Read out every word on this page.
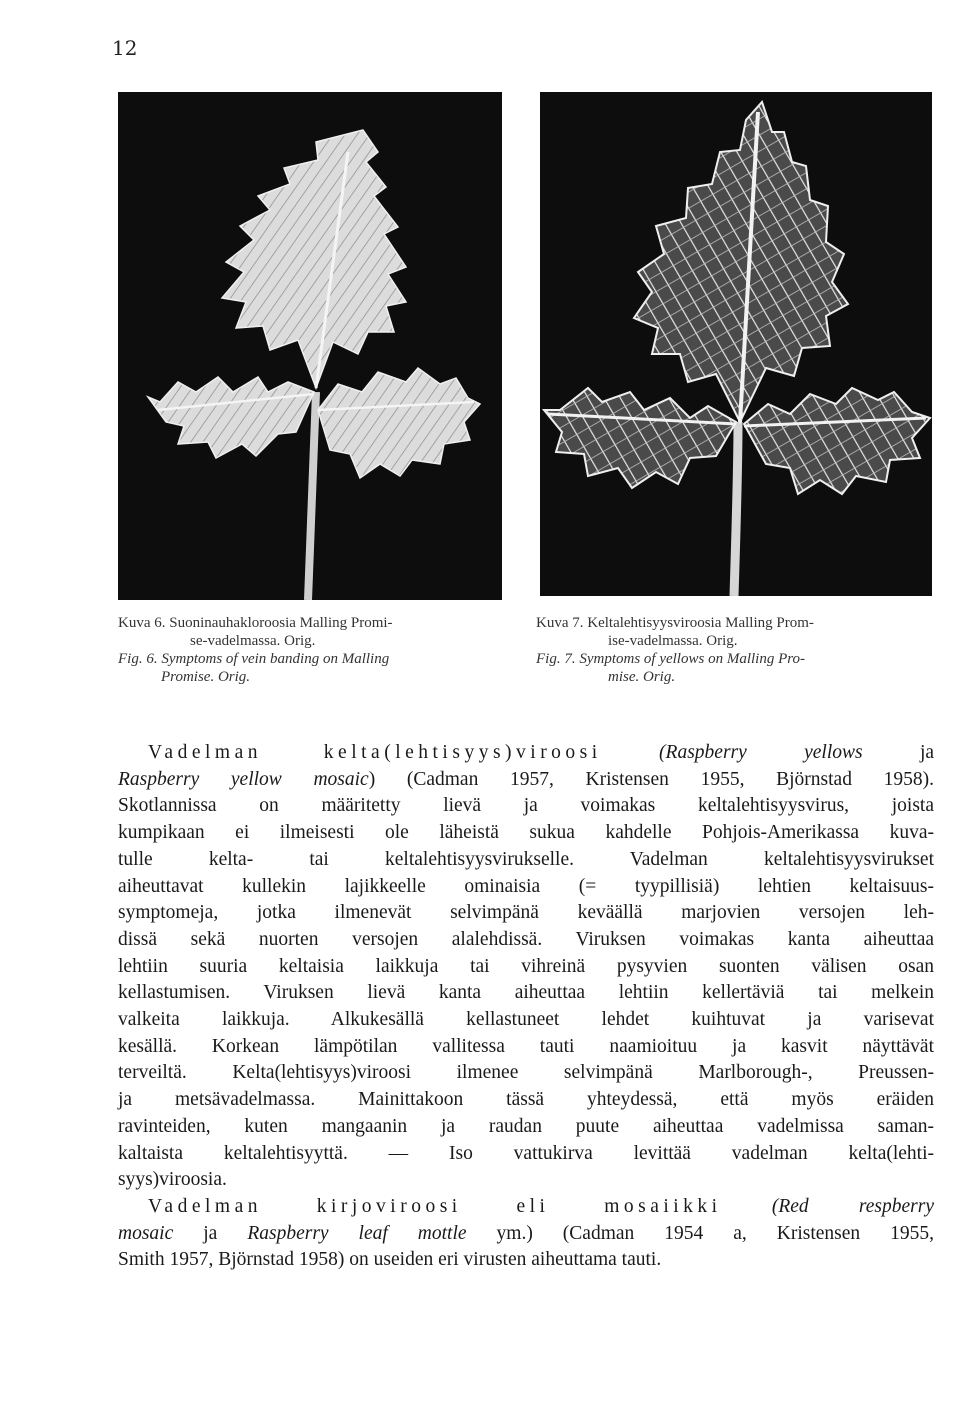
12
Kuva 6. Suoninauhakloroosia Malling Promi-
se-vadelmassa. Orig.
Fig. 6. Symptoms of vein banding on Malling
Promise. Orig.
Kuva 7. Keltalehtisyysviroosia Malling Prom-
ise-vadelmassa. Orig.
Fig. 7. Symptoms of yellows on Malling Pro-
mise. Orig.
Vadelman kelta(lehtisyys)viroosi	(Raspberry yellows	ja
Raspberry yellow mosaic) (Cadman 1957, Kristensen 1955, Björnstad 1958).
Skotlannissa on määritetty lievä ja voimakas keltalehtisyysvirus, joista
kumpikaan ei ilmeisesti ole läheistä sukua kahdelle Pohjois-Amerikassa kuva-
tulle kelta- tai keltalehtisyysvirukselle. Vadelman keltalehtisyysvirukset
aiheuttavat kullekin lajikkeelle ominaisia (= tyypillisiä) lehtien keltaisuus-
symptomeja, jotka ilmenevät selvimpänä keväällä marjovien versojen leh-
dissä sekä nuorten versojen alalehdissä. Viruksen voimakas kanta aiheuttaa
lehtiin suuria keltaisia laikkuja tai vihreinä pysyvien suonten välisen osan
kellastumisen. Viruksen lievä kanta aiheuttaa lehtiin kellertäviä tai melkein
valkeita laikkuja. Alkukesällä kellastuneet lehdet kuihtuvat ja varisevat
kesällä. Korkean lämpötilan vallitessa tauti naamioituu ja kasvit näyttävät
terveiltä. Kelta(lehtisyys)viroosi ilmenee selvimpänä Marlborough-, Preussen-
ja metsävadelmassa. Mainittakoon tässä yhteydessä, että myös eräiden
ravinteiden, kuten mangaanin ja raudan puute aiheuttaa vadelmissa saman-
kaltaista keltalehtisyyttä. — Iso vattukirva levittää vadelman kelta(lehti-
syys)viroosia.
Vadelman kirjoviroosi eli mosaiikki	(Red respberry
mosaic ja Raspberry leaf mottle ym.) (Cadman 1954 a, Kristensen 1955,
Smith 1957, Björnstad 1958) on useiden eri virusten aiheuttama tauti.
